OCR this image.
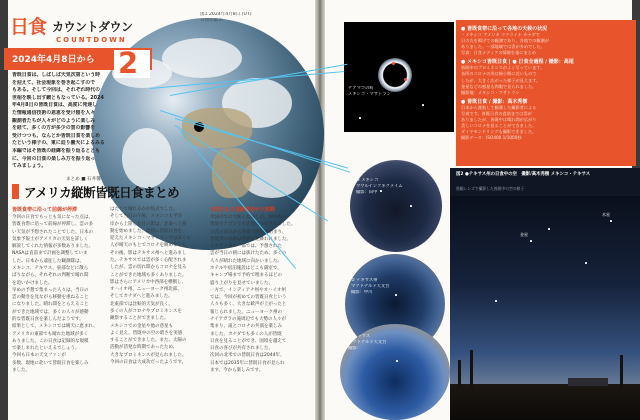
日食 カウントダウン
COUNTDOWN
2024年4月8日から 2
図1 2024年4月8日 (UT)
日食の影の
皆既日食は、しばしば天気次第という時
を迎えて、社会現象を巻き起こすので
もある。そして今回は、それぞれ時代の
世相を映し出す鏡ともなっている。2024
年4月8日の皆既日食は、高度に発達し
た情報通信技術の恩恵を受け陰を人々
観測者たちが人々がどのように楽しみ
を経て、多くの方が多少の雲の影響を
受けつつも、なんとか皆既日食を楽しめ
たという様子の、東に迫り曇天によるみる
本編ではそ皆既の経緯を振り返るととも
に、今回の日食の楽しみ方を振り返っ
てみましょう。
まとめ ■ 石井馨
アメリカ縦断皆既日食まとめ
皆既食帯に沿って前線が停滞
今回の日食でもっとも気になった点は、
皆既食帯に沿って前線が停滞し、雲の多
い天気が予想されたことでした。日本の
気象予報士がアメリカの天気を詳しく
解説してくれた情報が多数ありました。
NASAは直前まで計画を調整していま
した。日本から遠征した観測隊は、
メキシコ、テキサス、東部などに散ら
ばりながら、それぞれの判断で晴れ間
を追いかけました。
早めの予想で集まった人々は、当日の
雲の動きを見ながら移動を重ねること
になりました。晴れ間をとらえること
ができた地域では、多くの人々が感動
的な皆既日食を楽しんだようです。
結果として、メキシコでは晴天に恵まれ、
アメリカの東部でも晴れた地域が多く
ありました。この日食は記録的な規模
で楽しまれたといえるでしょう。
今回も日本の天文ファンが
多数、現地に赴いて皆既日食を楽しみ
ました。
はたして晴れるかが焦点でした。
そして当日の午後、メキシコ太平洋
岸から上陸した月の影は、北東へと移
動を始めました。最初に皆既日食を
迎えたメキシコ・マサトランでは多くの
人が晴天のもとでコロナを眺めました。
その後、影はテキサス州へと進みまし
た。テキサスでは雲が多く心配されま
したが、雲の切れ間からコロナを見る
ことができた地域も多くありました。
影はさらにアメリカ中西部を横断し、
オハイオ州、ニューヨーク州北部、
そしてカナダへと進みました。
北東部では比較的天気が良く、
多くの人がコロナやプロミネンスを
観察することができました。
メキシコでの金星や他の惑星も
よく見え、皆既中の空の暗さを実感
することができました。また、太陽の
活動が活発な時期であったため、
大きなプロミネンスが見られました。
今回の日食は大成功だったようです。
米国内も日食観測者が大移動
米国内での天候の見通しが、NASAの
情報やアプリでも活発に共有されました。
日食の前日から各地で移動が始まり、
皆既帯の道路は渋滞に見舞われました。
テキサス州の一部では、予想された
雲が当日の朝には抜けたため、多くの
人々が晴れた地域に向かいました。
ホテルや宿泊施設はどこも満室で、
キャンプ場まで予約で埋まるほどの
盛り上がりを見せていました。
一方で、インディアナ州やオハイオ州
では、今回が初めての皆既日食という
人々も多く、大きな歓声が上がったと
報じられました。ニューヨーク州の
ナイアガラの滝周辺でも大勢の人々が
集まり、滝とコロナの共演を楽しみ
ました。カナダでも多くの人が皆既
日食を見ることができ、国境を越えて
日食の喜びが共有されました。
次回の北米での皆既日食は2044年、
日本では2035年に皆既日食が見られ
ます。今から楽しみです。
チアマコの町
メキシコ・マサトラン
● 皆既食帯に沿って各地の天候の状況
・メキシコ アメリカ ウクライナ カナダで
日の丸を掲げての観測であり、各地での観測が
ありました。一部地域では雲が多めでした。
写真：日食メディアの情報を基にまとめ
● メキシコ皆既日食 | ● 日食全過程 / 撮影：高尾
皆既中のプロミネンスがよく写っています。
各所のコロナの形は極小期に近いもので
したが、大きく広がった様子が見えます。
金星などの惑星も肉眼で見られました。
撮影地：メキシコ・マサトラン
● 皆既日食 / 撮影：高木秀樹
日本から渡航して観測した撮影者による
写真です。皆既日食の直前までは雲が
ありましたが、皆既中は晴れ間が広がり
美しいコロナを見ることができました。
ダイヤモンドリングも撮影できました。
撮影データ：ISO400 1/1000秒
図2 ●テキサス州の日食中の空　撮影/高木秀樹 メキシコ・テキサス
魚眼レンズで撮影した皆既中の空の様子
金星
木星
③ メキシコ
ウウルイシクネクメイム
撮影：田中
② テキサス州
マクドナルド天文台
撮影：中川
② テキサス
マクドナルド天文台
撮影：
